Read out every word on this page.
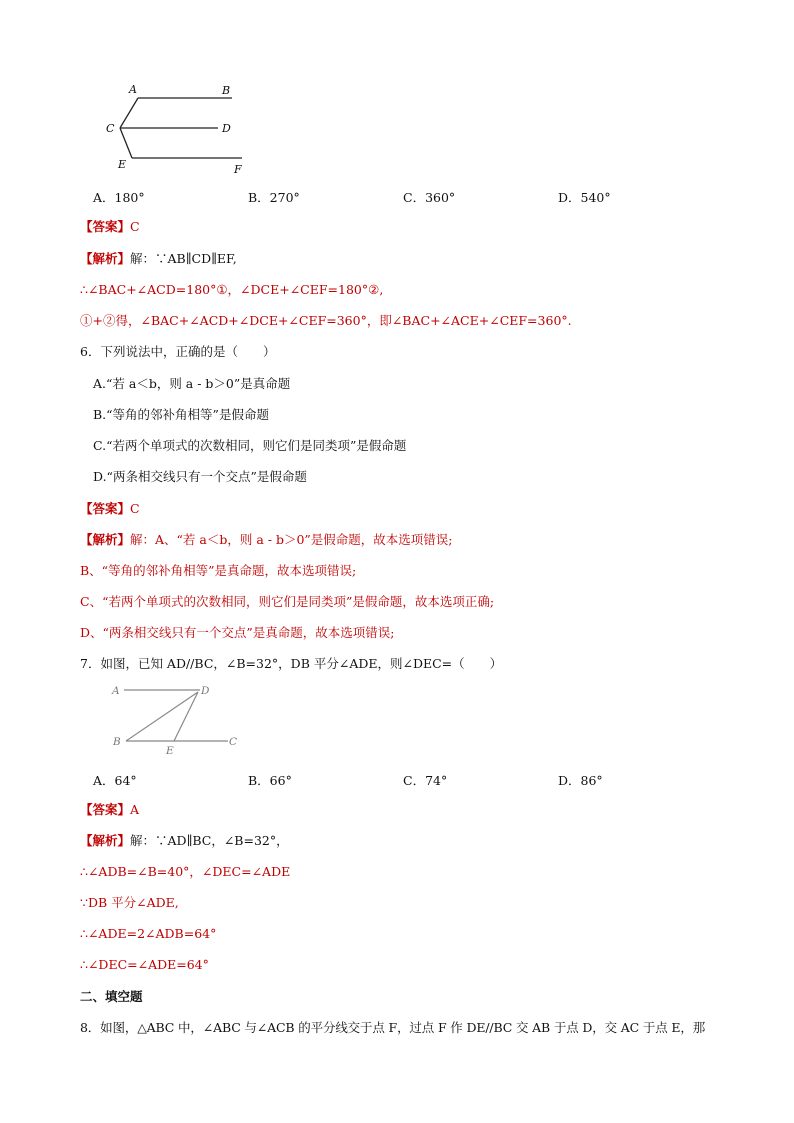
A	B
C	D
E	F
A．180°	B．270°	C．360°	D．540°
【答案】C
【解析】解：∵AB∥CD∥EF,
∴∠BAC+∠ACD=180°①，∠DCE+∠CEF=180°②,
①+②得，∠BAC+∠ACD+∠DCE+∠CEF=360°，即∠BAC+∠ACE+∠CEF=360°.
6．下列说法中，正确的是（　　）
A.“若 a＜b，则 a - b＞0”是真命题
B.“等角的邻补角相等”是假命题
C.“若两个单项式的次数相同，则它们是同类项”是假命题
D.“两条相交线只有一个交点”是假命题
【答案】C
【解析】解：A、“若 a＜b，则 a - b＞0”是假命题，故本选项错误;
B、“等角的邻补角相等”是真命题，故本选项错误;
C、“若两个单项式的次数相同，则它们是同类项”是假命题，故本选项正确;
D、“两条相交线只有一个交点”是真命题，故本选项错误;
7．如图，已知 AD//BC，∠B=32°，DB 平分∠ADE，则∠DEC=（　　）
A	D
B
E
C
A．64°	B．66°	C．74°	D．86°
【答案】A
【解析】解：∵AD∥BC，∠B=32°，
∴∠ADB=∠B=40°，∠DEC=∠ADE
∵DB 平分∠ADE,
∴∠ADE=2∠ADB=64°
∴∠DEC=∠ADE=64°
二、填空题
8．如图，△ABC 中，∠ABC 与∠ACB 的平分线交于点 F，过点 F 作 DE//BC 交 AB 于点 D，交 AC 于点 E，那
